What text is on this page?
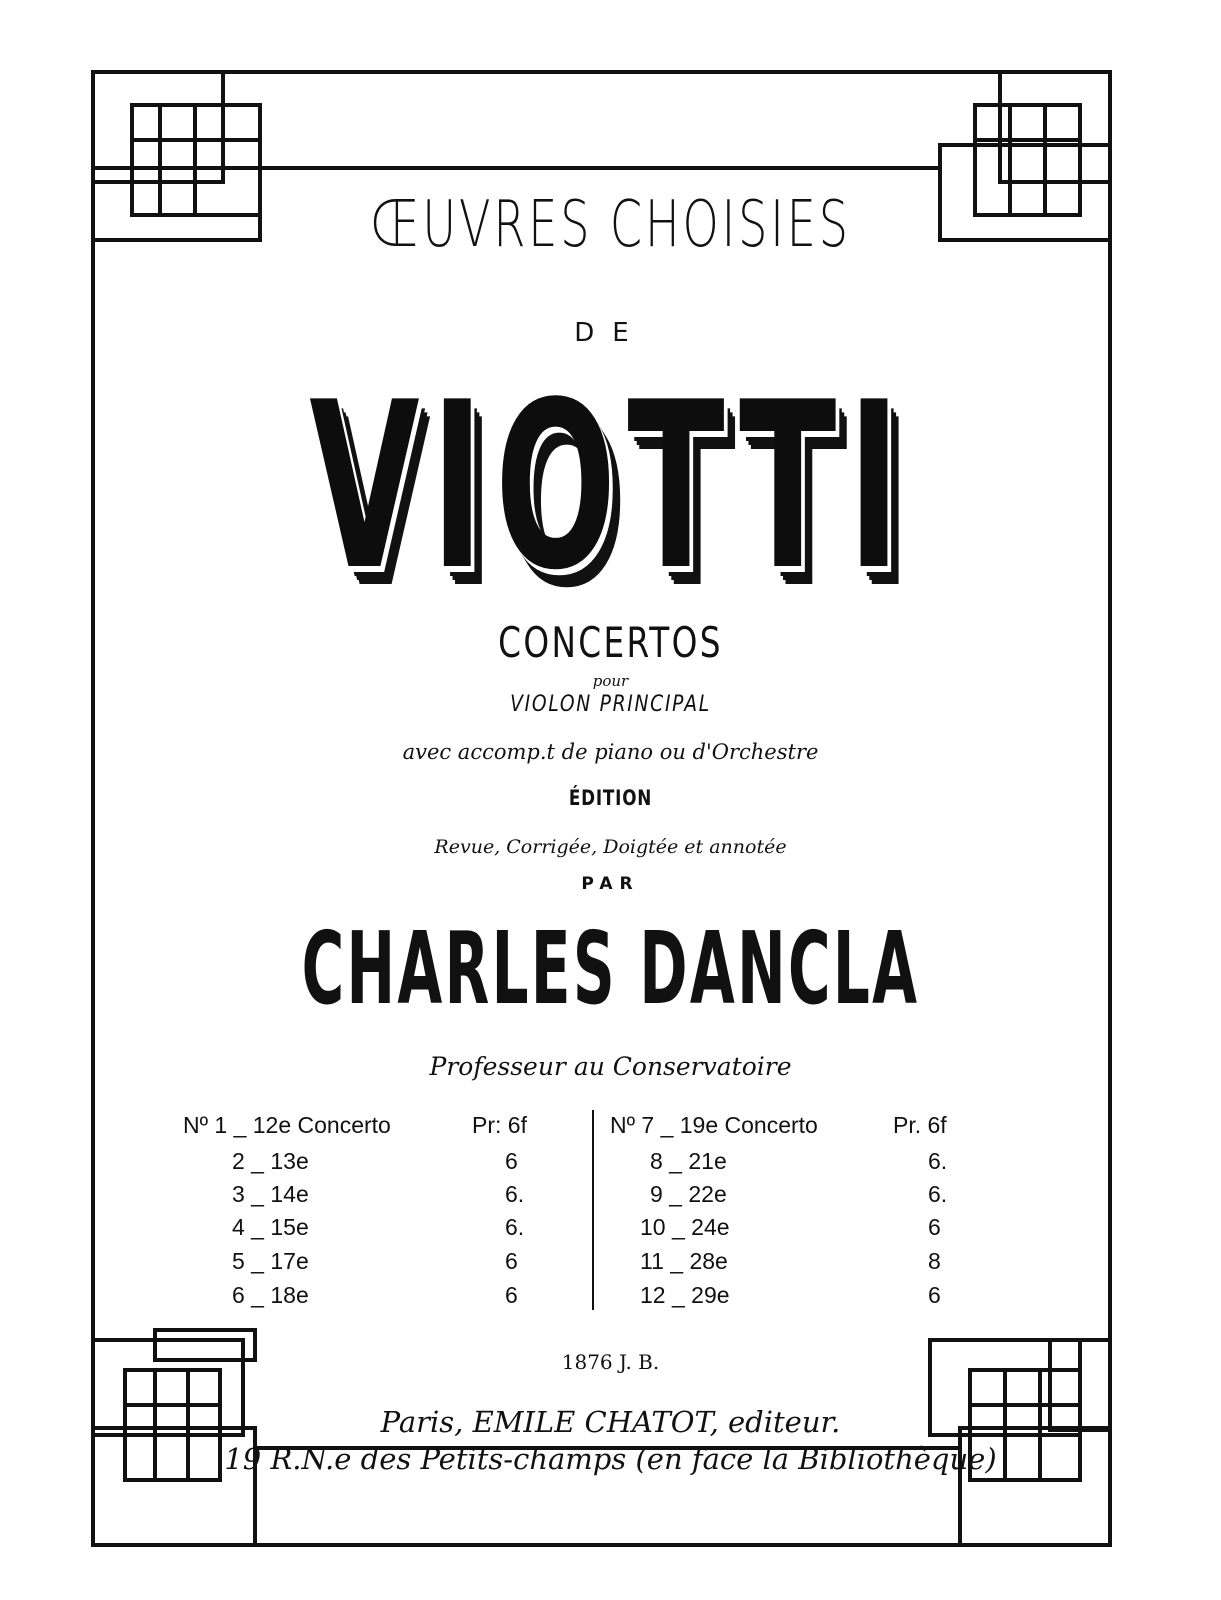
ŒUVRES CHOISIES
DE
VIOTTI
CONCERTOS
pour
VIOLON PRINCIPAL
avec accomp.t de piano ou d'Orchestre
ÉDITION
Revue, Corrigée, Doigtée et annotée
PAR
CHARLES DANCLA
Professeur au Conservatoire
Nº 1 _ 12e Concerto	Pr: 6f
2 _ 13e	6
3 _ 14e	6.
4 _ 15e	6.
5 _ 17e	6
6 _ 18e	6
Nº 7 _ 19e Concerto	Pr. 6f
8 _ 21e	6.
9 _ 22e	6.
10 _ 24e	6
11 _ 28e	8
12 _ 29e	6
1876 J. B.
Paris, EMILE CHATOT, editeur.
19 R.N.e des Petits-champs (en face la Bibliothèque)
